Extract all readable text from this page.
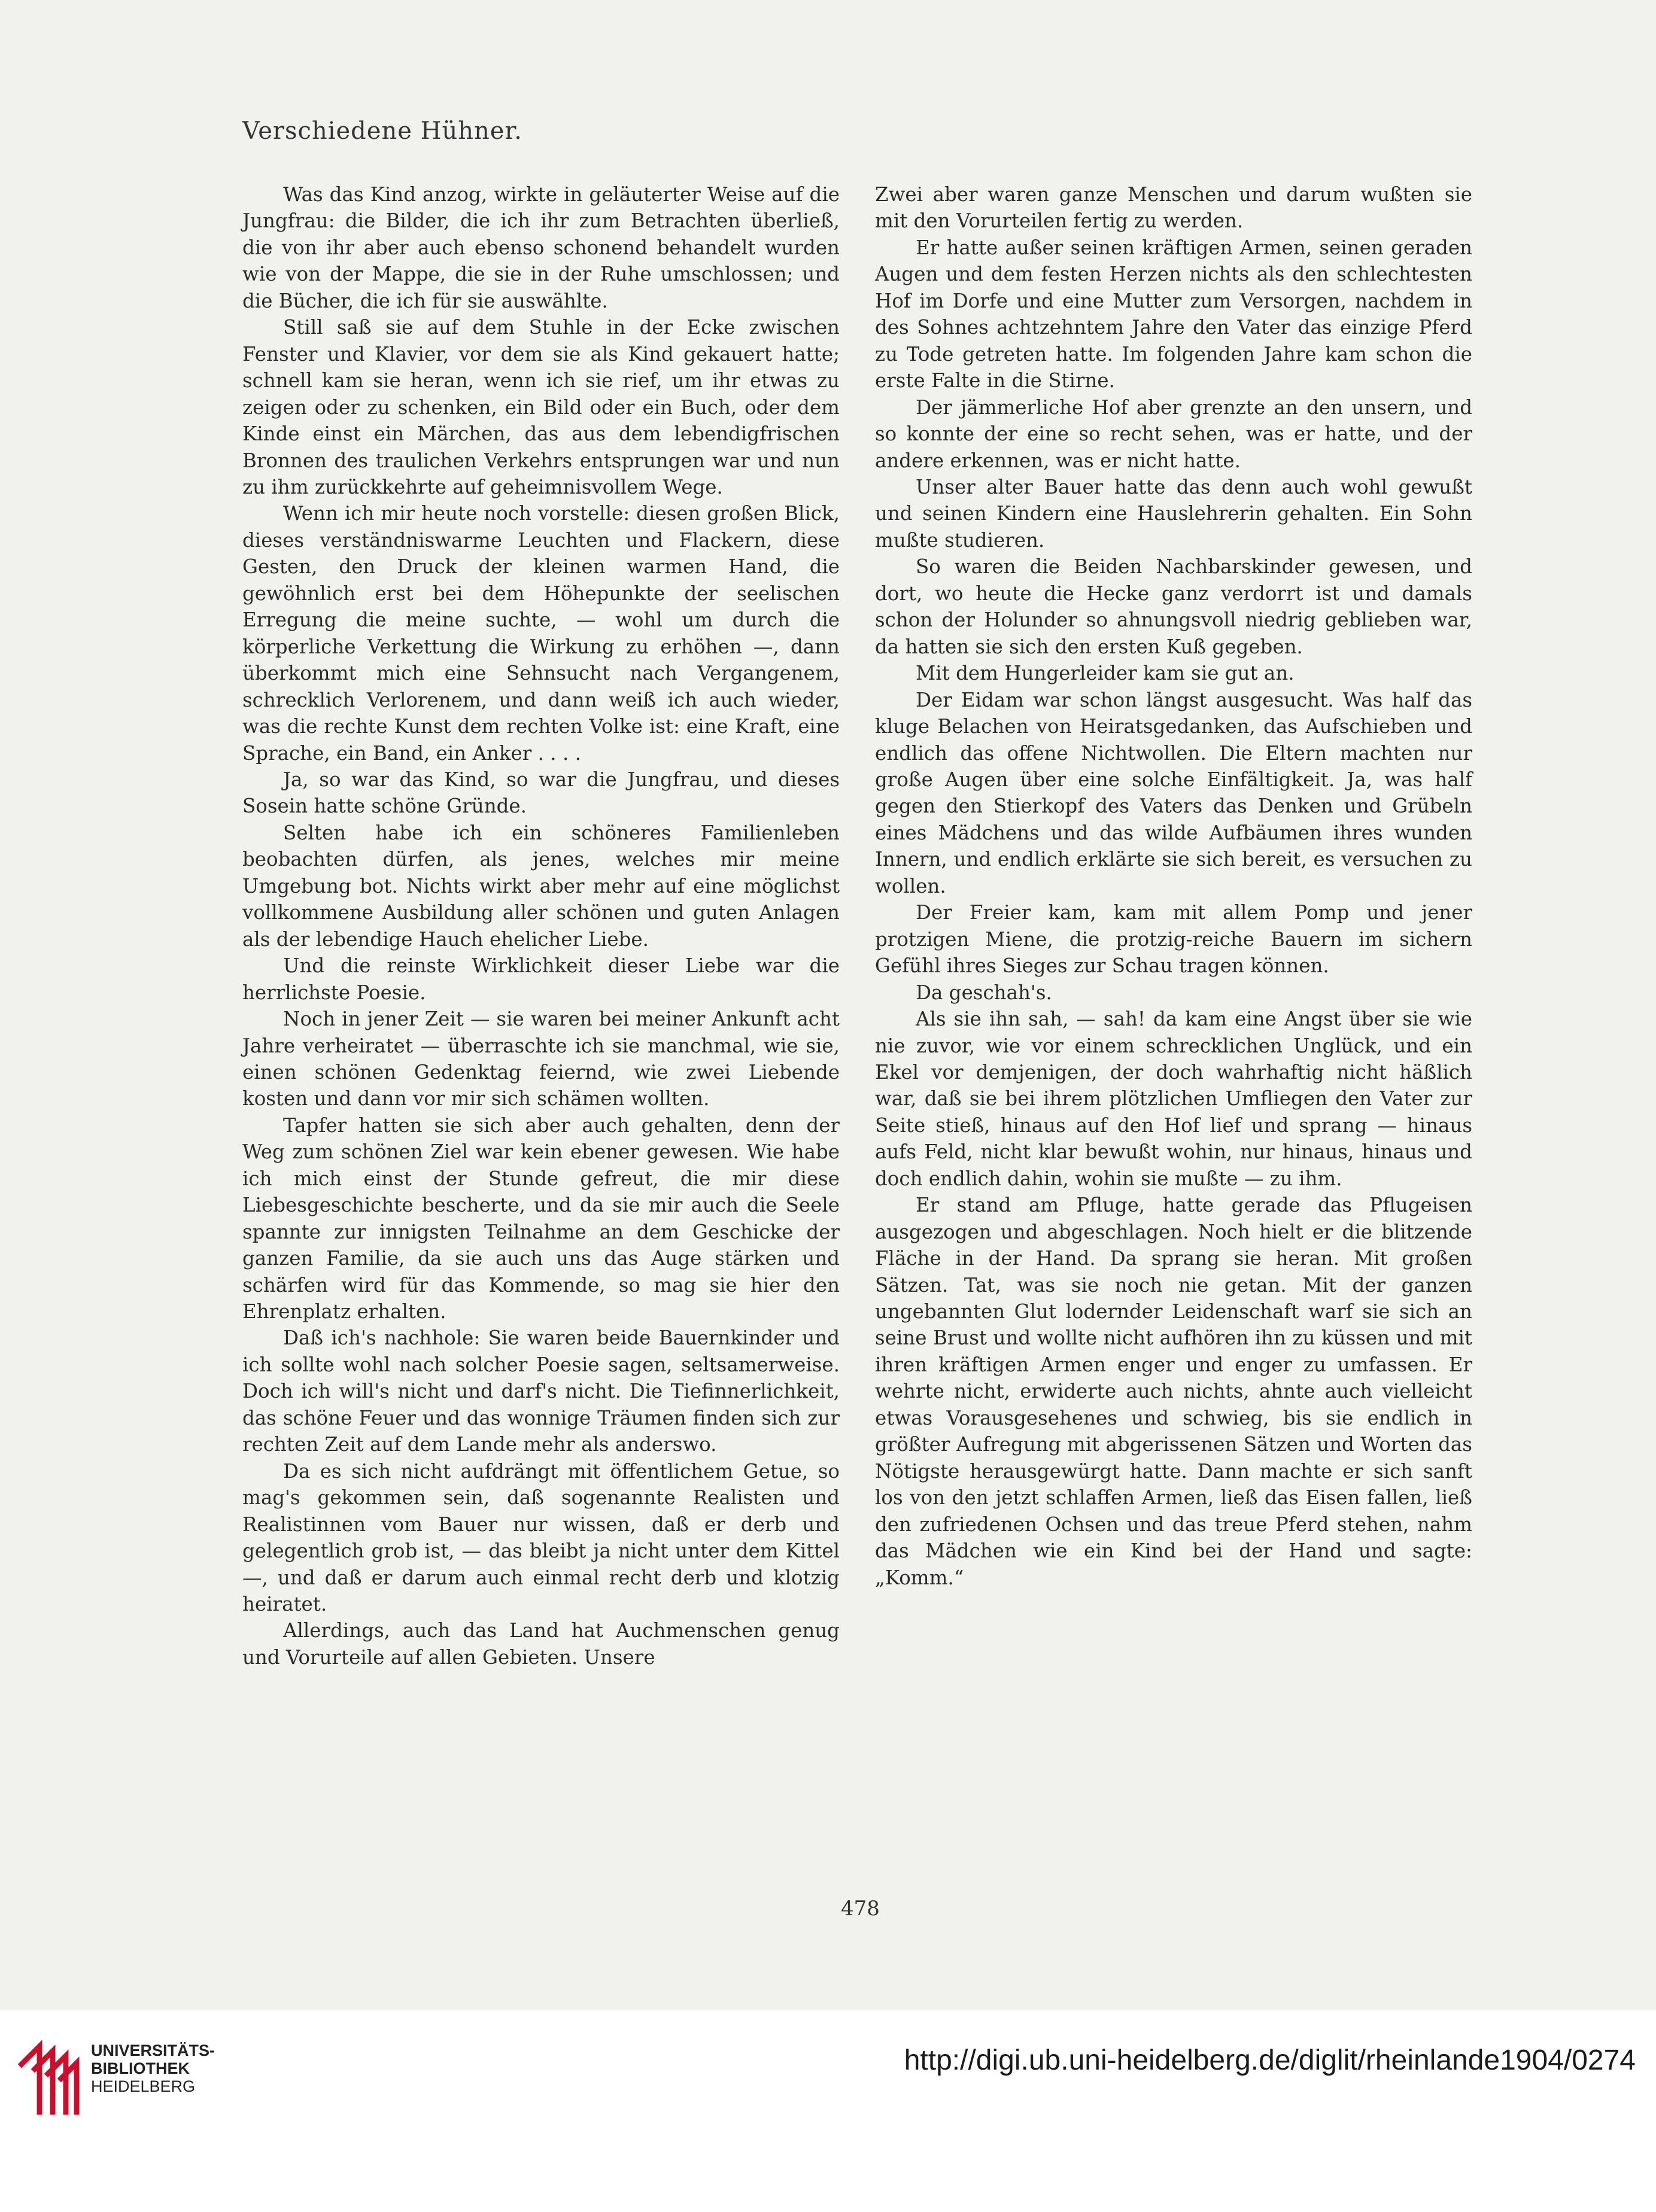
Verschiedene Hühner.

Was das Kind anzog, wirkte in geläuterter Weise auf die Jungfrau: die Bilder, die ich ihr zum Betrachten überließ, die von ihr aber auch ebenso schonend behandelt wurden wie von der Mappe, die sie in der Ruhe umschlossen; und die Bücher, die ich für sie auswählte.

Still saß sie auf dem Stuhle in der Ecke zwischen Fenster und Klavier, vor dem sie als Kind gekauert hatte; schnell kam sie heran, wenn ich sie rief, um ihr etwas zu zeigen oder zu schenken, ein Bild oder ein Buch, oder dem Kinde einst ein Märchen, das aus dem lebendigfrischen Bronnen des traulichen Verkehrs entsprungen war und nun zu ihm zurückkehrte auf geheimnisvollem Wege.

Wenn ich mir heute noch vorstelle: diesen großen Blick, dieses verständniswarme Leuchten und Flackern, diese Gesten, den Druck der kleinen warmen Hand, die gewöhnlich erst bei dem Höhepunkte der seelischen Erregung die meine suchte, — wohl um durch die körperliche Verkettung die Wirkung zu erhöhen —, dann überkommt mich eine Sehnsucht nach Vergangenem, schrecklich Verlorenem, und dann weiß ich auch wieder, was die rechte Kunst dem rechten Volke ist: eine Kraft, eine Sprache, ein Band, ein Anker . . . .

Ja, so war das Kind, so war die Jungfrau, und dieses Sosein hatte schöne Gründe.

Selten habe ich ein schöneres Familienleben beobachten dürfen, als jenes, welches mir meine Umgebung bot. Nichts wirkt aber mehr auf eine möglichst vollkommene Ausbildung aller schönen und guten Anlagen als der lebendige Hauch ehelicher Liebe.

Und die reinste Wirklichkeit dieser Liebe war die herrlichste Poesie.

Noch in jener Zeit — sie waren bei meiner Ankunft acht Jahre verheiratet — überraschte ich sie manchmal, wie sie, einen schönen Gedenktag feiernd, wie zwei Liebende kosten und dann vor mir sich schämen wollten.

Tapfer hatten sie sich aber auch gehalten, denn der Weg zum schönen Ziel war kein ebener gewesen. Wie habe ich mich einst der Stunde gefreut, die mir diese Liebesgeschichte bescherte, und da sie mir auch die Seele spannte zur innigsten Teilnahme an dem Geschicke der ganzen Familie, da sie auch uns das Auge stärken und schärfen wird für das Kommende, so mag sie hier den Ehrenplatz erhalten.

Daß ich's nachhole: Sie waren beide Bauernkinder und ich sollte wohl nach solcher Poesie sagen, seltsamerweise. Doch ich will's nicht und darf's nicht. Die Tiefinnerlichkeit, das schöne Feuer und das wonnige Träumen finden sich zur rechten Zeit auf dem Lande mehr als anderswo.

Da es sich nicht aufdrängt mit öffentlichem Getue, so mag's gekommen sein, daß sogenannte Realisten und Realistinnen vom Bauer nur wissen, daß er derb und gelegentlich grob ist, — das bleibt ja nicht unter dem Kittel —, und daß er darum auch einmal recht derb und klotzig heiratet.

Allerdings, auch das Land hat Auchmenschen genug und Vorurteile auf allen Gebieten. Unsere

Zwei aber waren ganze Menschen und darum wußten sie mit den Vorurteilen fertig zu werden.

Er hatte außer seinen kräftigen Armen, seinen geraden Augen und dem festen Herzen nichts als den schlechtesten Hof im Dorfe und eine Mutter zum Versorgen, nachdem in des Sohnes achtzehntem Jahre den Vater das einzige Pferd zu Tode getreten hatte. Im folgenden Jahre kam schon die erste Falte in die Stirne.

Der jämmerliche Hof aber grenzte an den unsern, und so konnte der eine so recht sehen, was er hatte, und der andere erkennen, was er nicht hatte.

Unser alter Bauer hatte das denn auch wohl gewußt und seinen Kindern eine Hauslehrerin gehalten. Ein Sohn mußte studieren.

So waren die Beiden Nachbarskinder gewesen, und dort, wo heute die Hecke ganz verdorrt ist und damals schon der Holunder so ahnungsvoll niedrig geblieben war, da hatten sie sich den ersten Kuß gegeben.

Mit dem Hungerleider kam sie gut an.

Der Eidam war schon längst ausgesucht. Was half das kluge Belachen von Heiratsgedanken, das Aufschieben und endlich das offene Nichtwollen. Die Eltern machten nur große Augen über eine solche Einfältigkeit. Ja, was half gegen den Stierkopf des Vaters das Denken und Grübeln eines Mädchens und das wilde Aufbäumen ihres wunden Innern, und endlich erklärte sie sich bereit, es versuchen zu wollen.

Der Freier kam, kam mit allem Pomp und jener protzigen Miene, die protzig-reiche Bauern im sichern Gefühl ihres Sieges zur Schau tragen können.

Da geschah's.

Als sie ihn sah, — sah! da kam eine Angst über sie wie nie zuvor, wie vor einem schrecklichen Unglück, und ein Ekel vor demjenigen, der doch wahrhaftig nicht häßlich war, daß sie bei ihrem plötzlichen Umfliegen den Vater zur Seite stieß, hinaus auf den Hof lief und sprang — hinaus aufs Feld, nicht klar bewußt wohin, nur hinaus, hinaus und doch endlich dahin, wohin sie mußte — zu ihm.

Er stand am Pfluge, hatte gerade das Pflugeisen ausgezogen und abgeschlagen. Noch hielt er die blitzende Fläche in der Hand. Da sprang sie heran. Mit großen Sätzen. Tat, was sie noch nie getan. Mit der ganzen ungebannten Glut lodernder Leidenschaft warf sie sich an seine Brust und wollte nicht aufhören ihn zu küssen und mit ihren kräftigen Armen enger und enger zu umfassen. Er wehrte nicht, erwiderte auch nichts, ahnte auch vielleicht etwas Vorausgesehenes und schwieg, bis sie endlich in größter Aufregung mit abgerissenen Sätzen und Worten das Nötigste herausgewürgt hatte. Dann machte er sich sanft los von den jetzt schlaffen Armen, ließ das Eisen fallen, ließ den zufriedenen Ochsen und das treue Pferd stehen, nahm das Mädchen wie ein Kind bei der Hand und sagte: „Komm.“

478
UNIVERSITÄTS-
BIBLIOTHEK
HEIDELBERG
http://digi.ub.uni-heidelberg.de/diglit/rheinlande1904/0274
